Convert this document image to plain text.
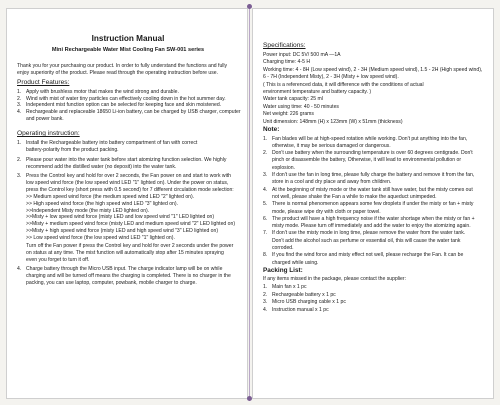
Instruction Manual
Mini Rechargeable Water Mist Cooling Fan SW-001 series
Thank you for your purchasing our product. In order to fully understand the functions and fully
enjoy superiority of the product. Please read through the operating instruction before use.
Product Features:
1. Apply with brushless motor that makes the wind strong and durable.
2. Wind with mist of water tiny particles can effectively cooling down in the hot summer day.
3. Independent mist function option can be selected for keeping face and skin moistened.
4. Rechargeable and replaceable 18650 Li-ion battery, can be charged by USB charger, computer
and power bank.
Operating instruction:
1. Install the Rechargeable battery into battery compartment of fan with correct
battery-polarity from the product packing.
2. Please pour water into the water tank before start atomizing function selection. We highly
recommend add the distilled water (no deposit) into the water tank.
3. Press the Control key and hold for over 2 seconds, the Fan power on and start to work with
low speed wind force (the low speed wind LED "1" lighted on). Under the power on status,
press the Control key (short press with 0.5 second) for 7 different circulation mode selection:
>> Medium speed wind force (the medium speed wind LED "2" lighted on).
>> High speed wind force (the high speed wind LED "3" lighted on).
>>Independent Misty mode (the misty LED lighted on).
>>Misty + low speed wind force (misty LED and low speed wind "1" LED lighted on)
>>Misty + medium speed wind force (misty LED and medium speed wind "2" LED lighted on)
>>Misty + high speed wind force (misty LED and high speed wind "3" LED lighted on)
>> Low speed wind force (the low speed wind LED "1" lighted on).
Turn off the Fan power if press the Control key and hold for over 2 seconds under the power
on status at any time. The mist function will automatically stop after 15 minutes spraying
even you forget to turn it off.
4. Charge battery through the Micro USB input. The charge indicator lamp will be on while
charging and will be turned off means the charging is completed. There is no charger in the
packing, you can use laptop, computer, powbank, mobile charger to charge.
Specifications:
Power input: DC 5V/ 500 mA —1A
Charging time: 4-5 H
Working time: 4 - 8H (Low speed wind), 2 - 3H (Medium speed wind), 1.5 - 2H (High speed wind),
6 - 7H (Independent Misty), 2 - 3H (Misty + low speed wind).
( This is a referenced data, it will difference with the conditions of actual
environment temperature and battery capacity. )
Water tank capacity: 25 ml
Water using time: 40 - 50 minutes
Net weight: 226 grams
Unit dimension: 148mm (H) x 123mm (W) x 51mm (thickness)
Note:
1. Fan blades will be at high-speed rotation while working. Don't put anything into the fan,
otherwise, it may be serious damaged or dangerous.
2. Don't use battery when the surrounding temperature is over 60 degrees centigrade. Don't
pinch or disassemble the battery, Otherwise, it will lead to environmental pollution or
explosion.
3. If don't use the fan in long time, please fully charge the battery and remove it from the fan,
store in a cool and dry place and away from children.
4. At the beginning of misty mode or the water tank still have water, but the misty comes out
not well, please shake the Fan a while to make the aqueduct unimpeded.
5. There is normal phenomenon appears some few droplets if under the misty or fan + misty
mode, please wipe dry with cloth or paper towel.
6. The product will have a high frequency noise if the water shortage when the misty or fan +
misty mode. Please turn off immediately and add the water to enjoy the atomizing again.
7. If don't use the misty mode in long time, please remove the water from the water tank.
Don't add the alcohol such as perfume or essential oil, this will cause the water tank
corroded.
8. If you find the wind force and misty effect not well, please recharge the Fan. It can be
charged while using.
Packing List:
If any items missed in the package, please contact the supplier:
1. Main fan x 1 pc
2. Rechargeable battery x 1 pc
3. Micro USB charging cable x 1 pc
4. Instruction manual x 1 pc
